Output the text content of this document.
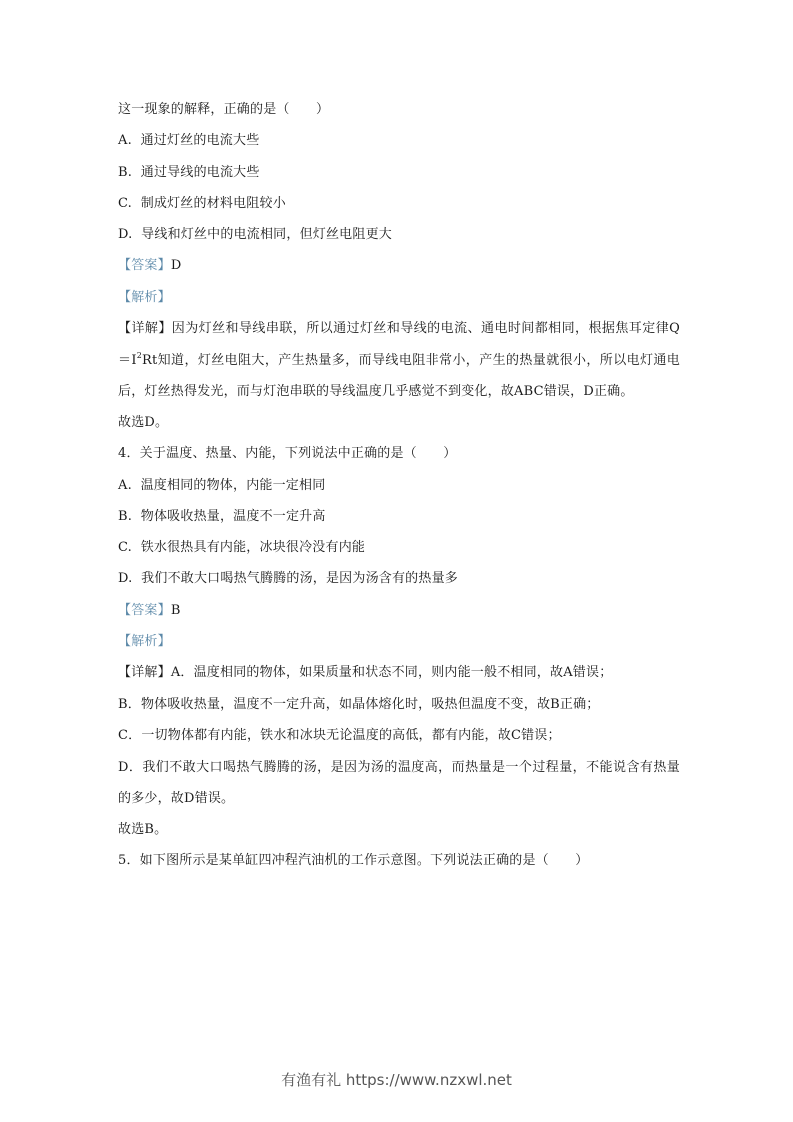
这一现象的解释，正确的是（　　）
A. 通过灯丝的电流大些
B. 通过导线的电流大些
C. 制成灯丝的材料电阻较小
D. 导线和灯丝中的电流相同，但灯丝电阻更大
【答案】D
【解析】
【详解】因为灯丝和导线串联，所以通过灯丝和导线的电流、通电时间都相同，根据焦耳定律$Q=I^2Rt$知道，灯丝电阻大，产生热量多，而导线电阻非常小，产生的热量就很小，所以电灯通电后，灯丝热得发光，而与灯泡串联的导线温度几乎感觉不到变化，故ABC错误，D正确。
故选D。
4．关于温度、热量、内能，下列说法中正确的是（　　）
A. 温度相同的物体，内能一定相同
B. 物体吸收热量，温度不一定升高
C. 铁水很热具有内能，冰块很冷没有内能
D. 我们不敢大口喝热气腾腾的汤，是因为汤含有的热量多
【答案】B
【解析】
【详解】A．温度相同的物体，如果质量和状态不同，则内能一般不相同，故A错误；
B．物体吸收热量，温度不一定升高，如晶体熔化时，吸热但温度不变，故B正确；
C．一切物体都有内能，铁水和冰块无论温度的高低，都有内能，故C错误；
D．我们不敢大口喝热气腾腾的汤，是因为汤的温度高，而热量是一个过程量，不能说含有热量的多少，故D错误。
故选B。
5．如下图所示是某单缸四冲程汽油机的工作示意图。下列说法正确的是（　　）
有渔有礼 https://www.nzxwl.net
